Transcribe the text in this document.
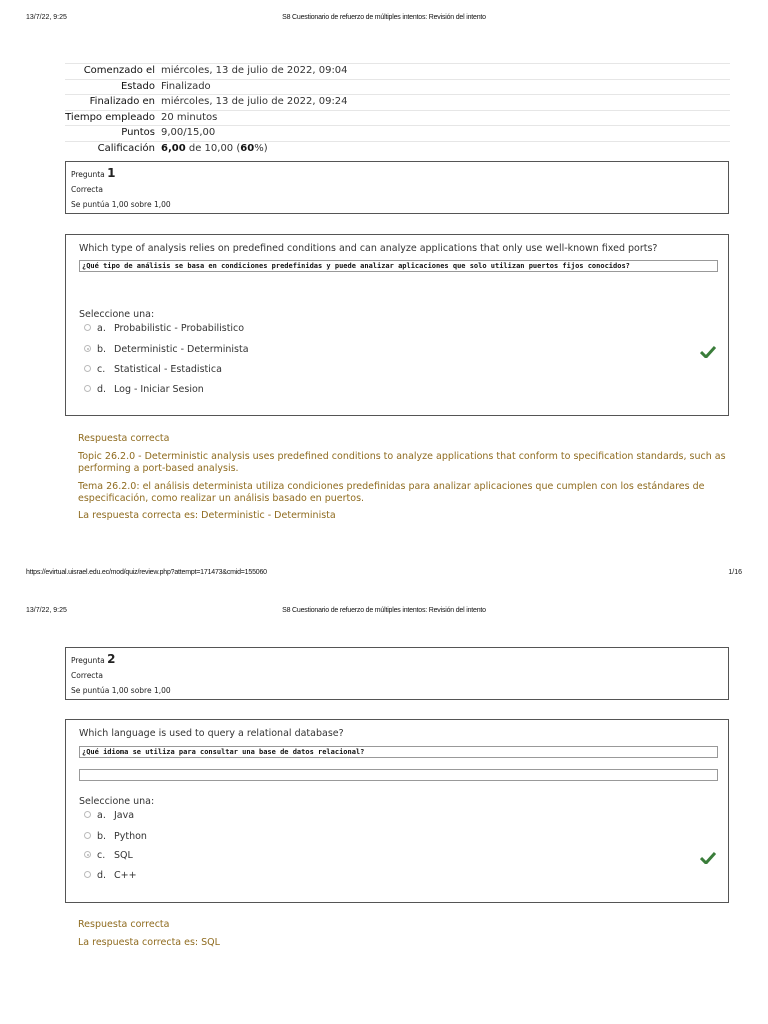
13/7/22, 9:25	S8 Cuestionario de refuerzo de múltiples intentos: Revisión del intento
Comenzado el miércoles, 13 de julio de 2022, 09:04
Estado Finalizado
Finalizado en miércoles, 13 de julio de 2022, 09:24
Tiempo empleado 20 minutos
Puntos 9,00/15,00
Calificación 6,00 de 10,00 (60%)
Pregunta 1
Correcta
Se puntúa 1,00 sobre 1,00
Which type of analysis relies on predefined conditions and can analyze applications that only use well-known fixed ports?
¿Qué tipo de análisis se basa en condiciones predefinidas y puede analizar aplicaciones que solo utilizan puertos fijos conocidos?
Seleccione una:
a. Probabilistic - Probabilistico
b. Deterministic - Determinista
c. Statistical - Estadistica
d. Log - Iniciar Sesion
Respuesta correcta
Topic 26.2.0 - Deterministic analysis uses predefined conditions to analyze applications that conform to specification standards, such as performing a port-based analysis.
Tema 26.2.0: el análisis determinista utiliza condiciones predefinidas para analizar aplicaciones que cumplen con los estándares de especificación, como realizar un análisis basado en puertos.
La respuesta correcta es: Deterministic - Determinista
https://evirtual.uisrael.edu.ec/mod/quiz/review.php?attempt=171473&cmid=155060	1/16
13/7/22, 9:25	S8 Cuestionario de refuerzo de múltiples intentos: Revisión del intento
Pregunta 2
Correcta
Se puntúa 1,00 sobre 1,00
Which language is used to query a relational database?
¿Qué idioma se utiliza para consultar una base de datos relacional?
Seleccione una:
a. Java
b. Python
c. SQL
d. C++
Respuesta correcta
La respuesta correcta es: SQL
